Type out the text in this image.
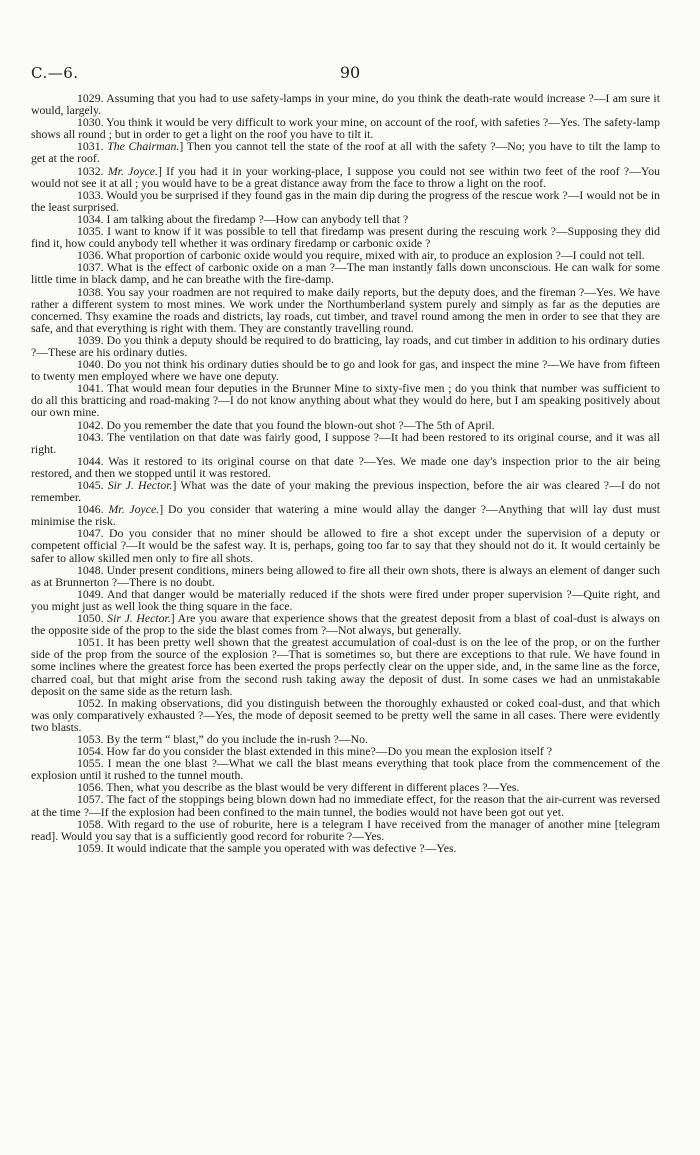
C.—6.	90

1029. Assuming that you had to use safety-lamps in your mine, do you think the death-rate would increase ?—I am sure it would, largely.

1030. You think it would be very difficult to work your mine, on account of the roof, with safeties ?—Yes. The safety-lamp shows all round ; but in order to get a light on the roof you have to tilt it.

1031. The Chairman.] Then you cannot tell the state of the roof at all with the safety ?—No; you have to tilt the lamp to get at the roof.

1032. Mr. Joyce.] If you had it in your working-place, I suppose you could not see within two feet of the roof ?—You would not see it at all ; you would have to be a great distance away from the face to throw a light on the roof.

1033. Would you be surprised if they found gas in the main dip during the progress of the rescue work ?—I would not be in the least surprised.

1034. I am talking about the firedamp ?—How can anybody tell that ?

1035. I want to know if it was possible to tell that firedamp was present during the rescuing work ?—Supposing they did find it, how could anybody tell whether it was ordinary firedamp or carbonic oxide ?

1036. What proportion of carbonic oxide would you require, mixed with air, to produce an explosion ?—I could not tell.

1037. What is the effect of carbonic oxide on a man ?—The man instantly falls down unconscious. He can walk for some little time in black damp, and he can breathe with the fire-damp.

1038. You say your roadmen are not required to make daily reports, but the deputy does, and the fireman ?—Yes. We have rather a different system to most mines. We work under the Northumberland system purely and simply as far as the deputies are concerned. Thsy examine the roads and districts, lay roads, cut timber, and travel round among the men in order to see that they are safe, and that everything is right with them. They are constantly travelling round.

1039. Do you think a deputy should be required to do bratticing, lay roads, and cut timber in addition to his ordinary duties ?—These are his ordinary duties.

1040. Do you not think his ordinary duties should be to go and look for gas, and inspect the mine ?—We have from fifteen to twenty men employed where we have one deputy.

1041. That would mean four deputies in the Brunner Mine to sixty-five men ; do you think that number was sufficient to do all this bratticing and road-making ?—I do not know anything about what they would do here, but I am speaking positively about our own mine.

1042. Do you remember the date that you found the blown-out shot ?—The 5th of April.

1043. The ventilation on that date was fairly good, I suppose ?—It had been restored to its original course, and it was all right.

1044. Was it restored to its original course on that date ?—Yes. We made one day's inspection prior to the air being restored, and then we stopped until it was restored.

1045. Sir J. Hector.] What was the date of your making the previous inspection, before the air was cleared ?—I do not remember.

1046. Mr. Joyce.] Do you consider that watering a mine would allay the danger ?—Anything that will lay dust must minimise the risk.

1047. Do you consider that no miner should be allowed to fire a shot except under the supervision of a deputy or competent official ?—It would be the safest way. It is, perhaps, going too far to say that they should not do it. It would certainly be safer to allow skilled men only to fire all shots.

1048. Under present conditions, miners being allowed to fire all their own shots, there is always an element of danger such as at Brunnerton ?—There is no doubt.

1049. And that danger would be materially reduced if the shots were fired under proper supervision ?—Quite right, and you might just as well look the thing square in the face.

1050. Sir J. Hector.] Are you aware that experience shows that the greatest deposit from a blast of coal-dust is always on the opposite side of the prop to the side the blast comes from ?—Not always, but generally.

1051. It has been pretty well shown that the greatest accumulation of coal-dust is on the lee of the prop, or on the further side of the prop from the source of the explosion ?—That is sometimes so, but there are exceptions to that rule. We have found in some inclines where the greatest force has been exerted the props perfectly clear on the upper side, and, in the same line as the force, charred coal, but that might arise from the second rush taking away the deposit of dust. In some cases we had an unmistakable deposit on the same side as the return lash.

1052. In making observations, did you distinguish between the thoroughly exhausted or coked coal-dust, and that which was only comparatively exhausted ?—Yes, the mode of deposit seemed to be pretty well the same in all cases. There were evidently two blasts.

1053. By the term “ blast,” do you include the in-rush ?—No.

1054. How far do you consider the blast extended in this mine?—Do you mean the explosion itself ?

1055. I mean the one blast ?—What we call the blast means everything that took place from the commencement of the explosion until it rushed to the tunnel mouth.

1056. Then, what you describe as the blast would be very different in different places ?—Yes.

1057. The fact of the stoppings being blown down had no immediate effect, for the reason that the air-current was reversed at the time ?—If the explosion had been confined to the main tunnel, the bodies would not have been got out yet.

1058. With regard to the use of roburite, here is a telegram I have received from the manager of another mine [telegram read]. Would you say that is a sufficiently good record for roburite ?—Yes.

1059. It would indicate that the sample you operated with was defective ?—Yes.
